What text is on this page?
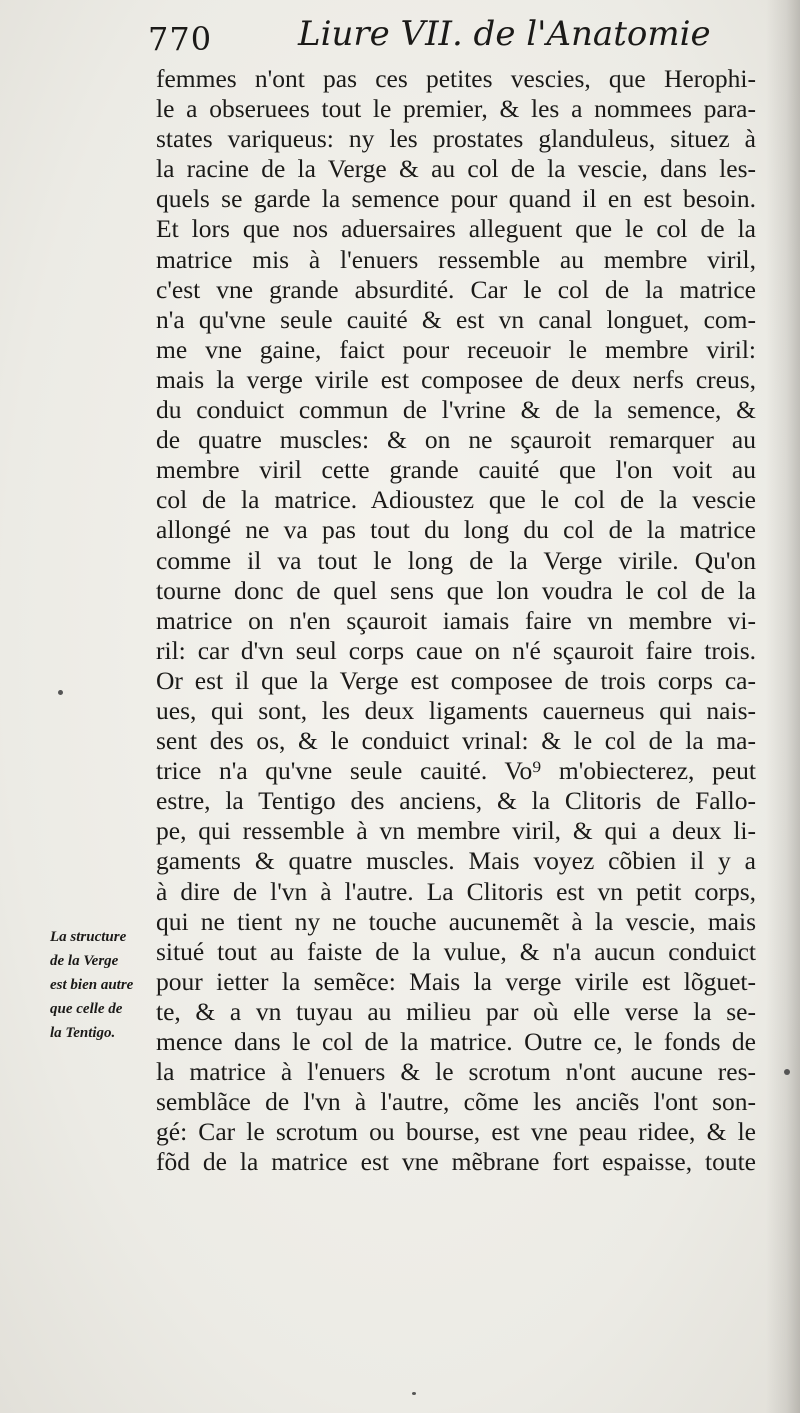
770	Liure VII. de l'Anatomie
femmes n'ont pas ces petites vescies, que Herophi-
le a obseruees tout le premier, & les a nommees para-
states variqueus: ny les prostates glanduleus, situez à
la racine de la Verge & au col de la vescie, dans les-
quels se garde la semence pour quand il en est besoin.
Et lors que nos aduersaires alleguent que le col de la
matrice mis à l'enuers ressemble au membre viril,
c'est vne grande absurdité. Car le col de la matrice
n'a qu'vne seule cauité & est vn canal longuet, com-
me vne gaine, faict pour receuoir le membre viril:
mais la verge virile est composee de deux nerfs creus,
du conduict commun de l'vrine & de la semence, &
de quatre muscles: & on ne sçauroit remarquer au
membre viril cette grande cauité que l'on voit au
col de la matrice. Adioustez que le col de la vescie
allongé ne va pas tout du long du col de la matrice
comme il va tout le long de la Verge virile. Qu'on
tourne donc de quel sens que lon voudra le col de la
matrice on n'en sçauroit iamais faire vn membre vi-
ril: car d'vn seul corps caue on n'é sçauroit faire trois.
Or est il que la Verge est composee de trois corps ca-
ues, qui sont, les deux ligaments cauerneus qui nais-
sent des os, & le conduict vrinal: & le col de la ma-
trice n'a qu'vne seule cauité. Vo⁹ m'obiecterez, peut
estre, la Tentigo des anciens, & la Clitoris de Fallo-
pe, qui ressemble à vn membre viril, & qui a deux li-
gaments & quatre muscles. Mais voyez cõbien il y a
à dire de l'vn à l'autre. La Clitoris est vn petit corps,
qui ne tient ny ne touche aucunemẽt à la vescie, mais
situé tout au faiste de la vulue, & n'a aucun conduict
pour ietter la semẽce: Mais la verge virile est lõguet-
te, & a vn tuyau au milieu par où elle verse la se-
mence dans le col de la matrice. Outre ce, le fonds de
la matrice à l'enuers & le scrotum n'ont aucune res-
semblãce de l'vn à l'autre, cõme les anciẽs l'ont son-
gé: Car le scrotum ou bourse, est vne peau ridee, & le
fõd de la matrice est vne mẽbrane fort espaisse, toute
La structure
de la Verge
est bien autre
que celle de
la Tentigo.
